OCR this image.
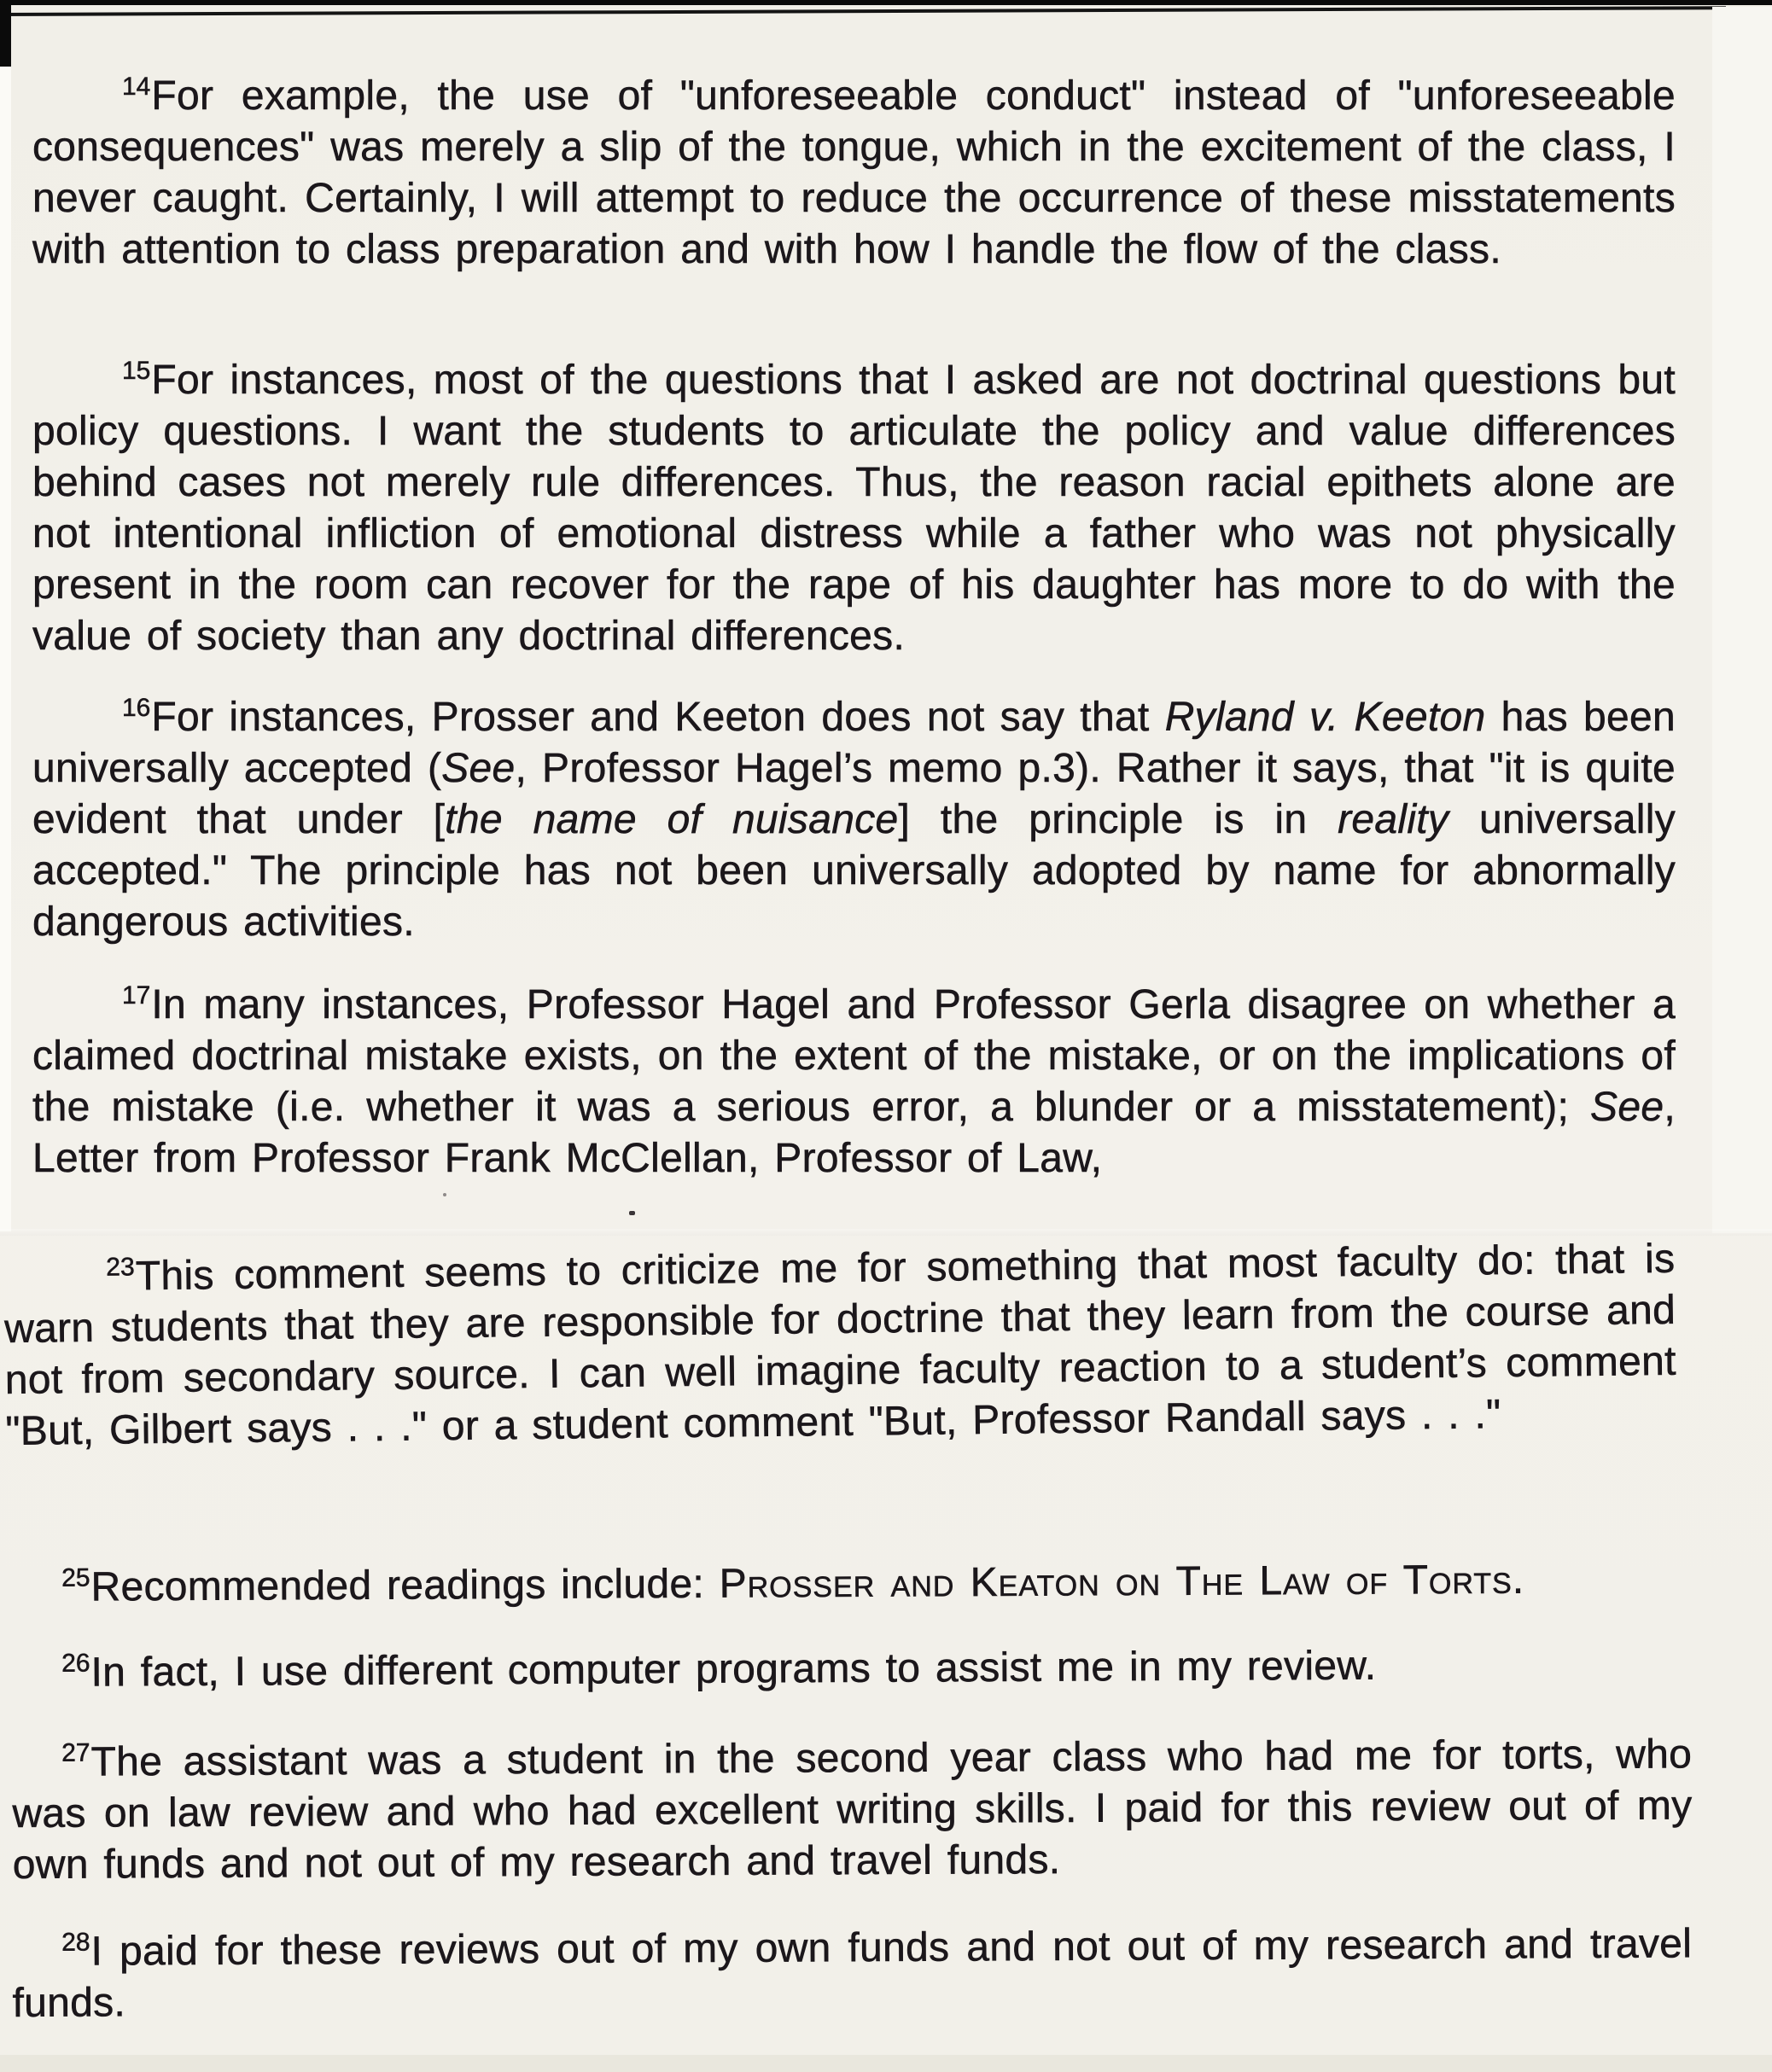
$^{14}$For example, the use of "unforeseeable conduct" instead of "unforeseeable consequences" was merely a slip of the tongue, which in the excitement of the class, I never caught. Certainly, I will attempt to reduce the occurrence of these misstatements with attention to class preparation and with how I handle the flow of the class.

$^{15}$For instances, most of the questions that I asked are not doctrinal questions but policy questions. I want the students to articulate the policy and value differences behind cases not merely rule differences. Thus, the reason racial epithets alone are not intentional infliction of emotional distress while a father who was not physically present in the room can recover for the rape of his daughter has more to do with the value of society than any doctrinal differences.

$^{16}$For instances, Prosser and Keeton does not say that Ryland v. Keeton has been universally accepted (See, Professor Hagel’s memo p.3). Rather it says, that "it is quite evident that under [the name of nuisance] the principle is in reality universally accepted." The principle has not been universally adopted by name for abnormally dangerous activities.

$^{17}$In many instances, Professor Hagel and Professor Gerla disagree on whether a claimed doctrinal mistake exists, on the extent of the mistake, or on the implications of the mistake (i.e. whether it was a serious error, a blunder or a misstatement); See, Letter from Professor Frank McClellan, Professor of Law,

$^{23}$This comment seems to criticize me for something that most faculty do: that is warn students that they are responsible for doctrine that they learn from the course and not from secondary source. I can well imagine faculty reaction to a student’s comment "But, Gilbert says . . ." or a student comment "But, Professor Randall says . . ."

$^{25}$Recommended readings include: Prosser and Keaton on The Law of Torts.

$^{26}$In fact, I use different computer programs to assist me in my review.

$^{27}$The assistant was a student in the second year class who had me for torts, who was on law review and who had excellent writing skills. I paid for this review out of my own funds and not out of my research and travel funds.

$^{28}$I paid for these reviews out of my own funds and not out of my research and travel funds.
